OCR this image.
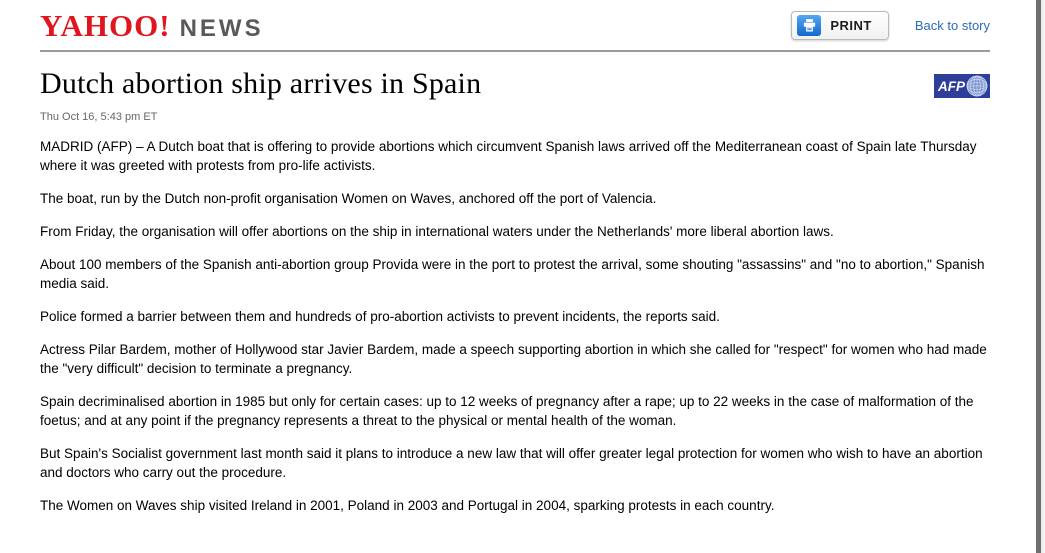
YAHOO! NEWS	PRINT	Back to story
Dutch abortion ship arrives in Spain	AFP
Thu Oct 16, 5:43 pm ET

MADRID (AFP) – A Dutch boat that is offering to provide abortions which circumvent Spanish laws arrived off the Mediterranean coast of Spain late Thursday where it was greeted with protests from pro-life activists.

The boat, run by the Dutch non-profit organisation Women on Waves, anchored off the port of Valencia.

From Friday, the organisation will offer abortions on the ship in international waters under the Netherlands' more liberal abortion laws.

About 100 members of the Spanish anti-abortion group Provida were in the port to protest the arrival, some shouting "assassins" and "no to abortion," Spanish media said.

Police formed a barrier between them and hundreds of pro-abortion activists to prevent incidents, the reports said.

Actress Pilar Bardem, mother of Hollywood star Javier Bardem, made a speech supporting abortion in which she called for "respect" for women who had made the "very difficult" decision to terminate a pregnancy.

Spain decriminalised abortion in 1985 but only for certain cases: up to 12 weeks of pregnancy after a rape; up to 22 weeks in the case of malformation of the foetus; and at any point if the pregnancy represents a threat to the physical or mental health of the woman.

But Spain's Socialist government last month said it plans to introduce a new law that will offer greater legal protection for women who wish to have an abortion and doctors who carry out the procedure.

The Women on Waves ship visited Ireland in 2001, Poland in 2003 and Portugal in 2004, sparking protests in each country.
